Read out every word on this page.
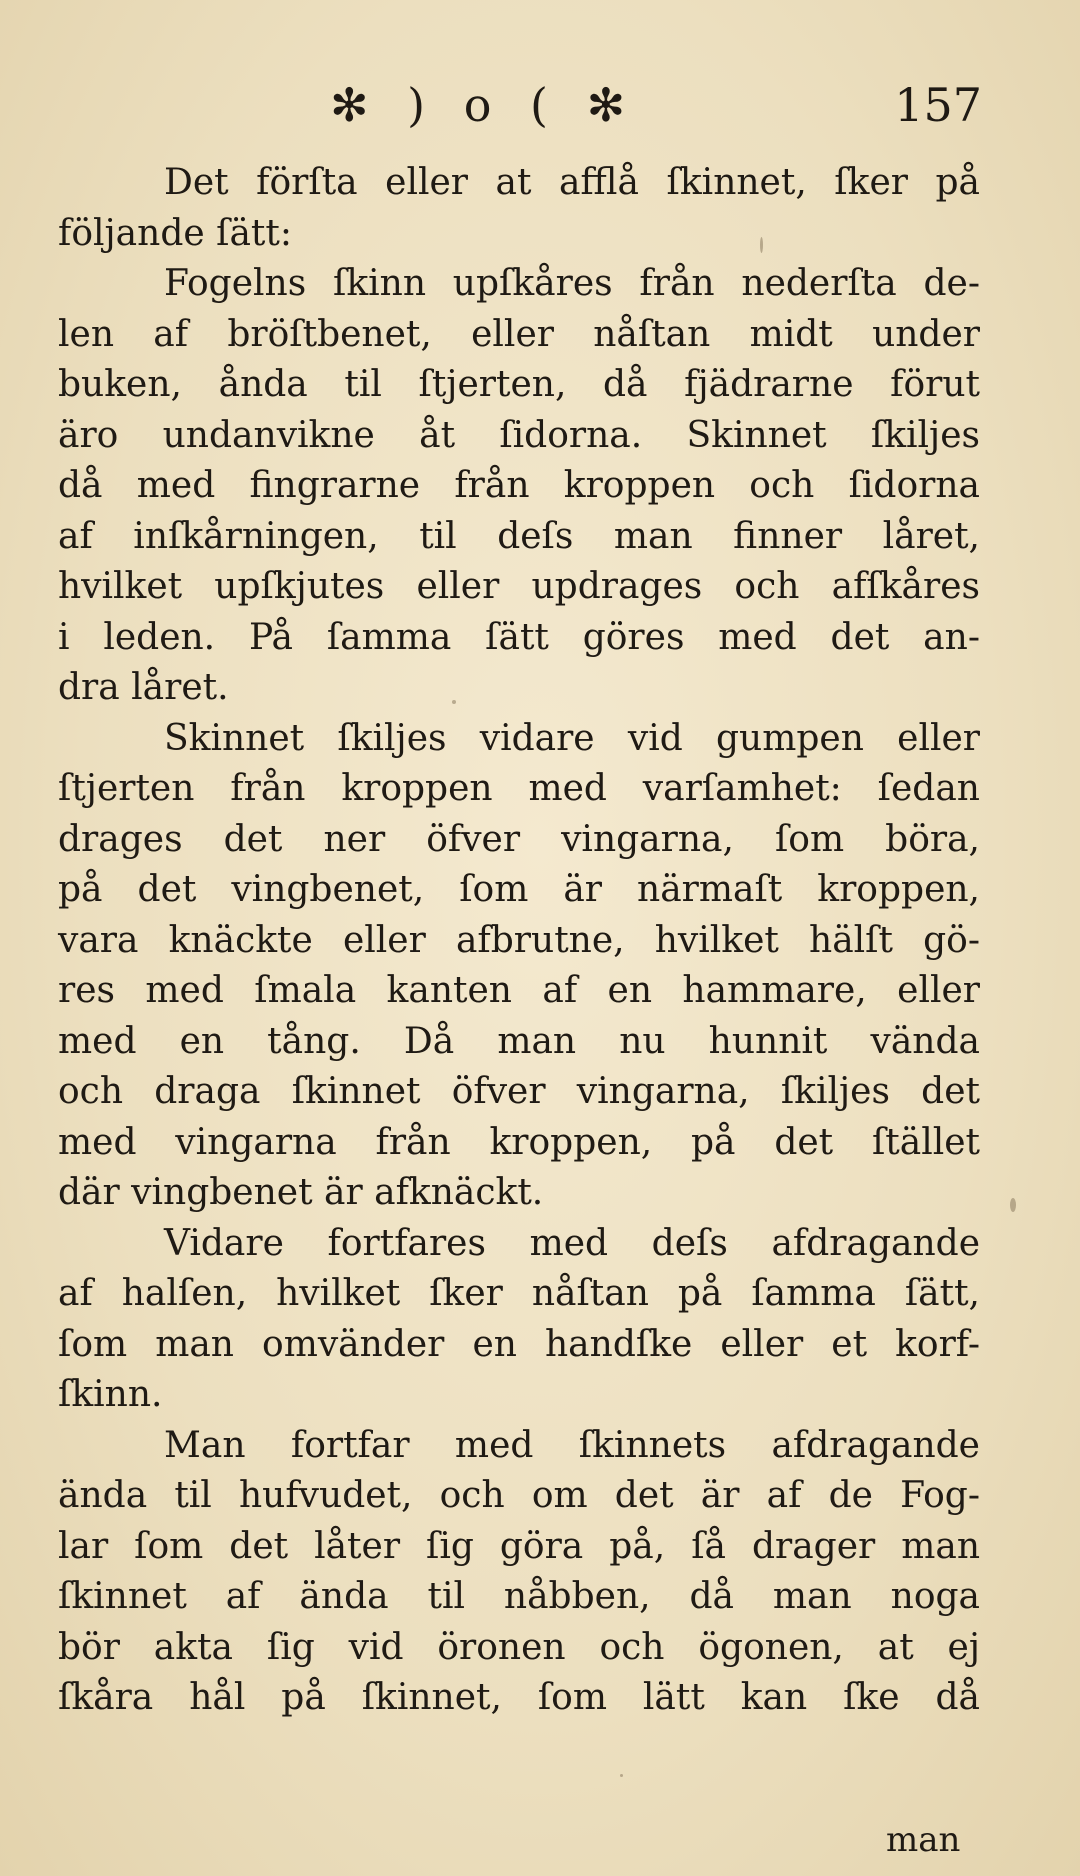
✻ ) o ( ✻	157
Det förſta eller at afflå ſkinnet, ſker på
följande ſätt:
Fogelns ſkinn upſkåres från nederſta de-
len af bröſtbenet, eller nåſtan midt under
buken, ånda til ſtjerten, då fjädrarne förut
äro undanvikne åt ſidorna. Skinnet ſkiljes
då med fingrarne från kroppen och ſidorna
af inſkårningen, til deſs man finner låret,
hvilket upſkjutes eller updrages och afſkåres
i leden. På ſamma ſätt göres med det an-
dra låret.
Skinnet ſkiljes vidare vid gumpen eller
ſtjerten från kroppen med varſamhet: ſedan
drages det ner öfver vingarna, ſom böra,
på det vingbenet, ſom är närmaſt kroppen,
vara knäckte eller afbrutne, hvilket hälſt gö-
res med ſmala kanten af en hammare, eller
med en tång. Då man nu hunnit vända
och draga ſkinnet öfver vingarna, ſkiljes det
med vingarna från kroppen, på det ſtället
där vingbenet är afknäckt.
Vidare fortfares med deſs afdragande
af halſen, hvilket ſker nåſtan på ſamma ſätt,
ſom man omvänder en handſke eller et korf-
ſkinn.
Man fortfar med ſkinnets afdragande
ända til hufvudet, och om det är af de Fog-
lar ſom det låter ſig göra på, ſå drager man
ſkinnet af ända til nåbben, då man noga
bör akta ſig vid öronen och ögonen, at ej
ſkåra hål på ſkinnet, ſom lätt kan ſke då
man
